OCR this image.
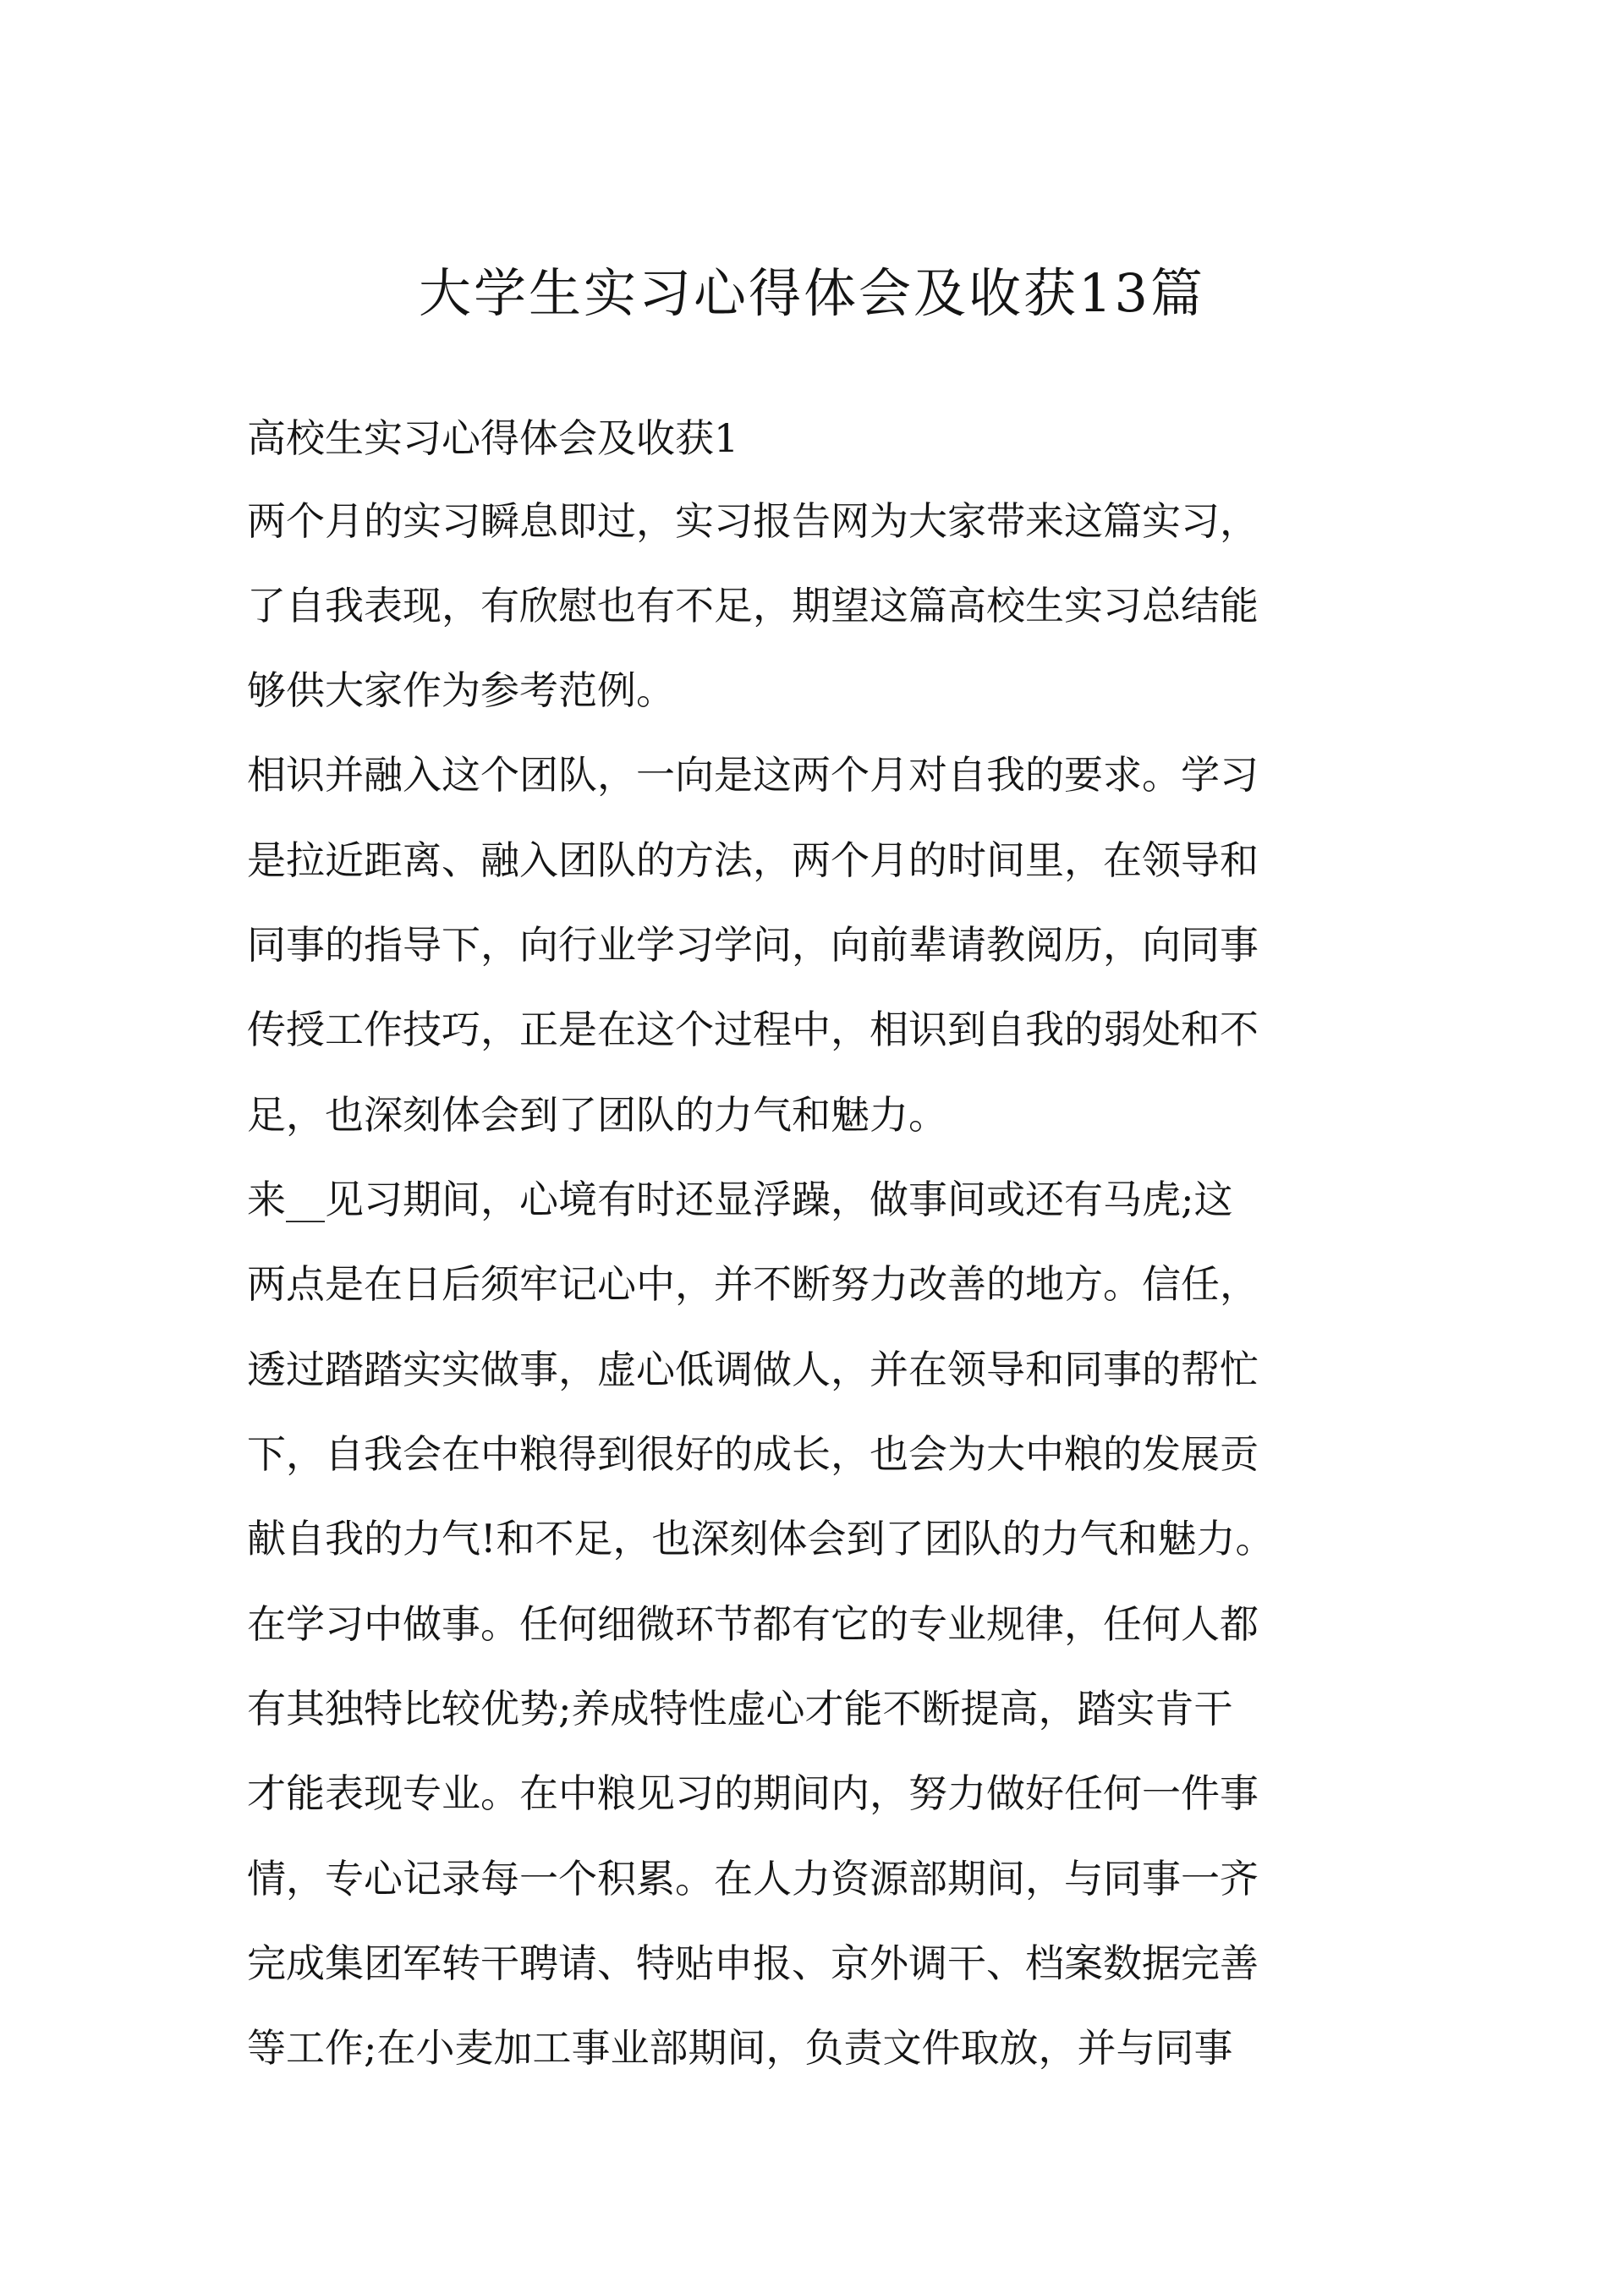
大学生实习心得体会及收获13篇
高校生实习心得体会及收获1
两个月的实习瞬息即过，实习报告网为大家带来这篇实习，
了自我表现，有欣慰也有不足，期望这篇高校生实习总结能
够供大家作为参考范例。
相识并融入这个团队，一向是这两个月对自我的要求。学习
是拉近距离、融入团队的方法，两个月的时间里，在领导和
同事的指导下，向行业学习学问，向前辈请教阅历，向同事
传授工作技巧，正是在这个过程中，相识到自我的弱处和不
足，也深刻体会到了团队的力气和魅力。
来__见习期间，心境有时还显浮躁，做事间或还有马虎;这
两点是在日后须牢记心中，并不断努力改善的地方。信任，
透过踏踏实实做事，虚心低调做人，并在领导和同事的帮忙
下，自我会在中粮得到很好的成长，也会为大中粮的发展贡
献自我的力气!和不足，也深刻体会到了团队的力气和魅力。
在学习中做事。任何细微环节都有它的专业规律，任何人都
有其独特比较优势;养成特性虚心才能不断提高，踏实肯干
才能表现专业。在中粮见习的期间内，努力做好任何一件事
情，专心记录每一个积累。在人力资源部期间，与同事一齐
完成集团军转干聘请、特贴申报、京外调干、档案数据完善
等工作;在小麦加工事业部期间，负责文件取放，并与同事
